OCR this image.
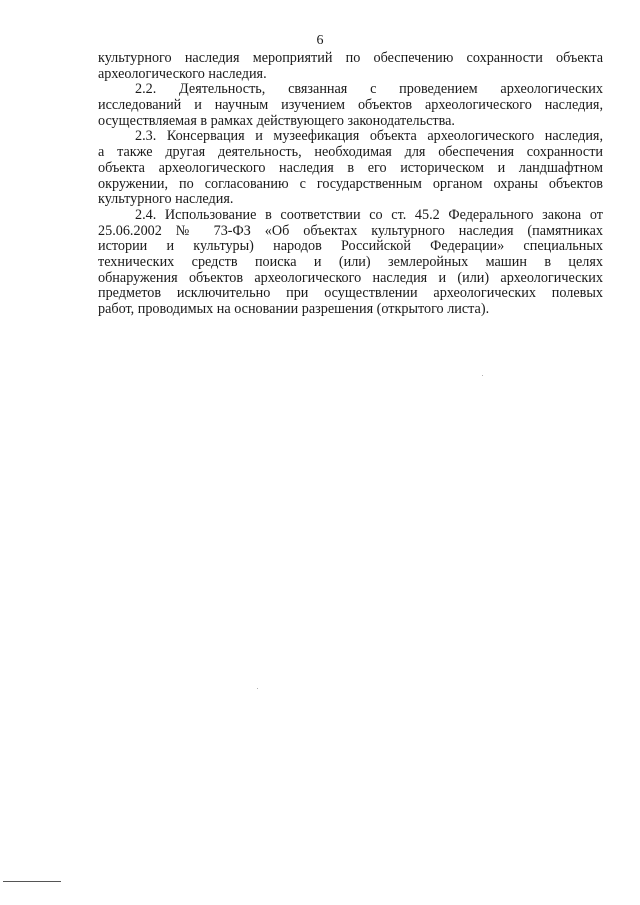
6
культурного наследия мероприятий по обеспечению сохранности объекта
археологического наследия.
2.2. Деятельность, связанная с проведением археологических
исследований и научным изучением объектов археологического наследия,
осуществляемая в рамках действующего законодательства.
2.3. Консервация и музеефикация объекта археологического наследия,
а также другая деятельность, необходимая для обеспечения сохранности
объекта археологического наследия в его историческом и ландшафтном
окружении, по согласованию с государственным органом охраны объектов
культурного наследия.
2.4. Использование в соответствии со ст. 45.2 Федерального закона от
25.06.2002 № 73-ФЗ «Об объектах культурного наследия (памятниках
истории и культуры) народов Российской Федерации» специальных
технических средств поиска и (или) землеройных машин в целях
обнаружения объектов археологического наследия и (или) археологических
предметов исключительно при осуществлении археологических полевых
работ, проводимых на основании разрешения (открытого листа).
